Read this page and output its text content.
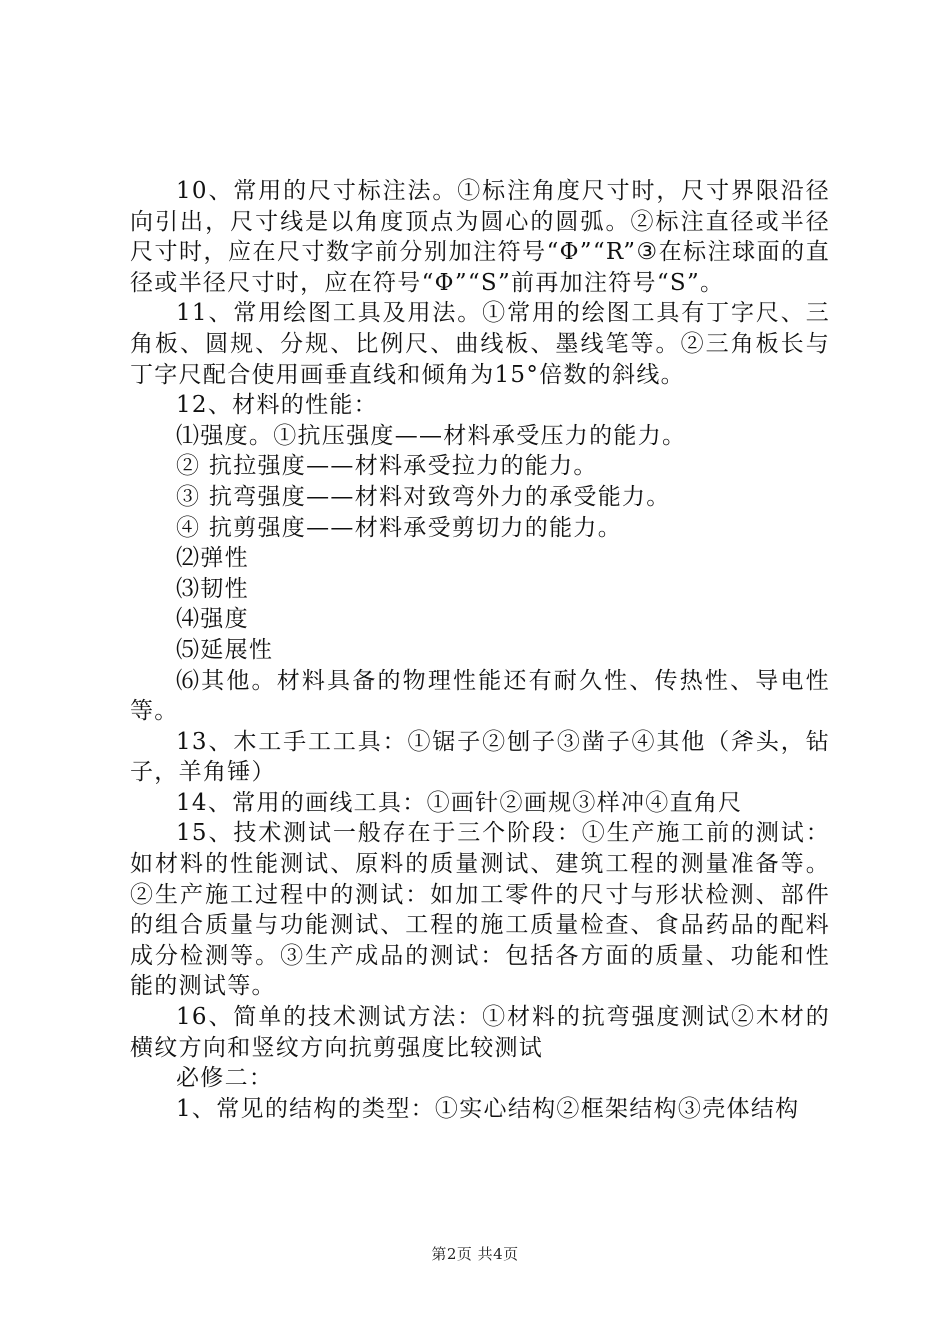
10、常用的尺寸标注法。①标注角度尺寸时，尺寸界限沿径向引出，尺寸线是以角度顶点为圆心的圆弧。②标注直径或半径尺寸时，应在尺寸数字前分别加注符号“Φ”“R”③在标注球面的直径或半径尺寸时，应在符号“Φ”“S”前再加注符号“S”。

11、常用绘图工具及用法。①常用的绘图工具有丁字尺、三角板、圆规、分规、比例尺、曲线板、墨线笔等。②三角板长与丁字尺配合使用画垂直线和倾角为15°倍数的斜线。

12、材料的性能：

⑴强度。①抗压强度——材料承受压力的能力。

② 抗拉强度——材料承受拉力的能力。

③ 抗弯强度——材料对致弯外力的承受能力。

④ 抗剪强度——材料承受剪切力的能力。

⑵弹性

⑶韧性

⑷强度

⑸延展性

⑹其他。材料具备的物理性能还有耐久性、传热性、导电性等。

13、木工手工工具：①锯子②刨子③凿子④其他（斧头，钻子，羊角锤）

14、常用的画线工具：①画针②画规③样冲④直角尺

15、技术测试一般存在于三个阶段：①生产施工前的测试：如材料的性能测试、原料的质量测试、建筑工程的测量准备等。②生产施工过程中的测试：如加工零件的尺寸与形状检测、部件的组合质量与功能测试、工程的施工质量检查、食品药品的配料成分检测等。③生产成品的测试：包括各方面的质量、功能和性能的测试等。

16、简单的技术测试方法：①材料的抗弯强度测试②木材的横纹方向和竖纹方向抗剪强度比较测试

必修二：

1、常见的结构的类型：①实心结构②框架结构③壳体结构

第2页 共4页
